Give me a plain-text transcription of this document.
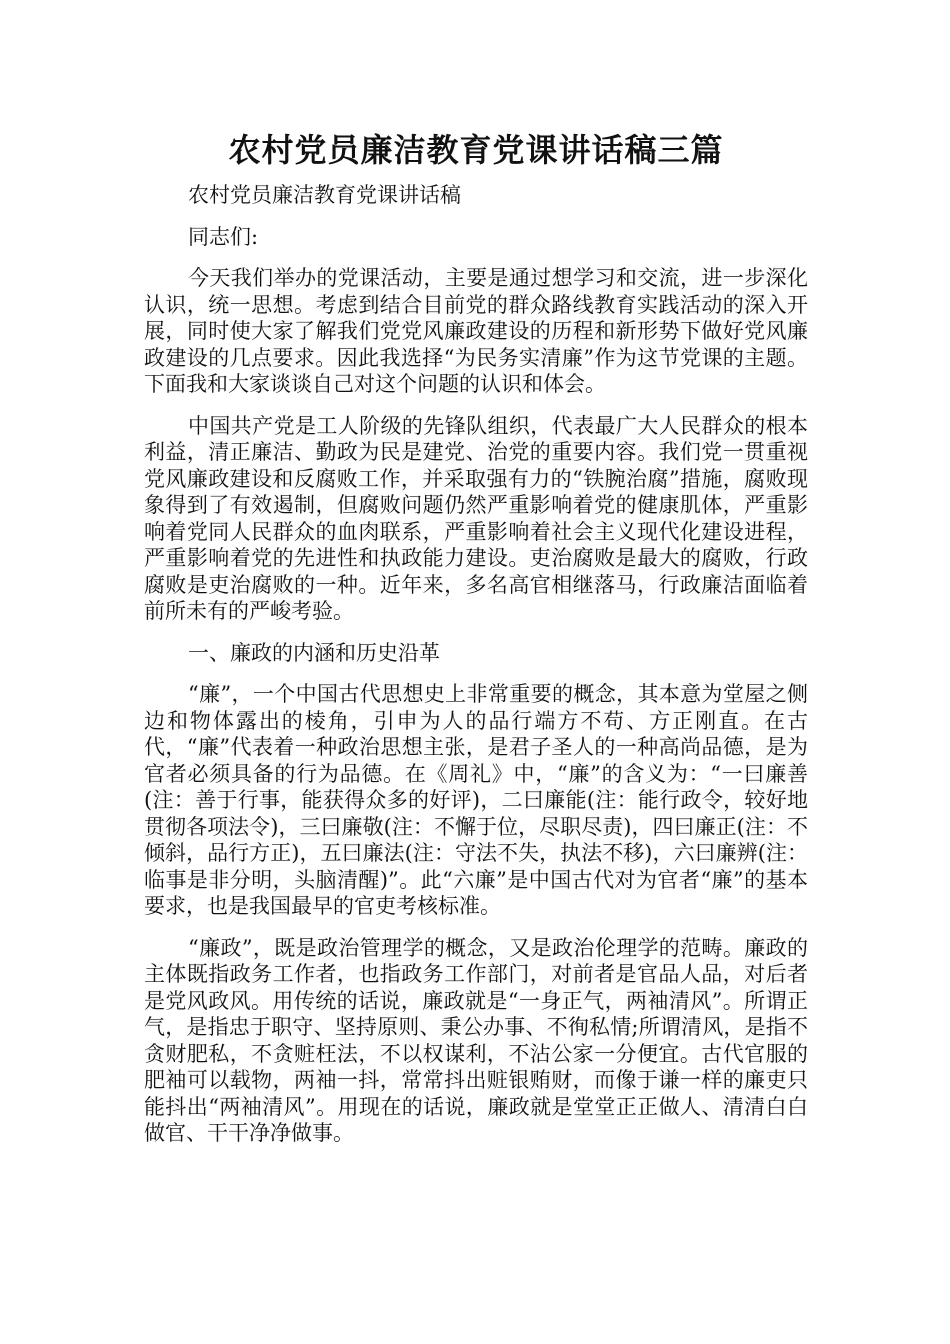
农村党员廉洁教育党课讲话稿三篇

农村党员廉洁教育党课讲话稿

同志们:

今天我们举办的党课活动，主要是通过想学习和交流，进一步深化认识，统一思想。考虑到结合目前党的群众路线教育实践活动的深入开展，同时使大家了解我们党党风廉政建设的历程和新形势下做好党风廉政建设的几点要求。因此我选择“为民务实清廉”作为这节党课的主题。下面我和大家谈谈自己对这个问题的认识和体会。

中国共产党是工人阶级的先锋队组织，代表最广大人民群众的根本利益，清正廉洁、勤政为民是建党、治党的重要内容。我们党一贯重视党风廉政建设和反腐败工作，并采取强有力的“铁腕治腐”措施，腐败现象得到了有效遏制，但腐败问题仍然严重影响着党的健康肌体，严重影响着党同人民群众的血肉联系，严重影响着社会主义现代化建设进程，严重影响着党的先进性和执政能力建设。吏治腐败是最大的腐败，行政腐败是吏治腐败的一种。近年来，多名高官相继落马，行政廉洁面临着前所未有的严峻考验。

一、廉政的内涵和历史沿革

“廉”，一个中国古代思想史上非常重要的概念，其本意为堂屋之侧边和物体露出的棱角，引申为人的品行端方不苟、方正刚直。在古代，“廉”代表着一种政治思想主张，是君子圣人的一种高尚品德，是为官者必须具备的行为品德。在《周礼》中，“廉”的含义为：“一曰廉善(注：善于行事，能获得众多的好评)，二曰廉能(注：能行政令，较好地贯彻各项法令)，三曰廉敬(注：不懈于位，尽职尽责)，四曰廉正(注：不倾斜，品行方正)，五曰廉法(注：守法不失，执法不移)，六曰廉辨(注：临事是非分明，头脑清醒)”。此“六廉”是中国古代对为官者“廉”的基本要求，也是我国最早的官吏考核标准。

“廉政”，既是政治管理学的概念，又是政治伦理学的范畴。廉政的主体既指政务工作者，也指政务工作部门，对前者是官品人品，对后者是党风政风。用传统的话说，廉政就是“一身正气，两袖清风”。所谓正气，是指忠于职守、坚持原则、秉公办事、不徇私情;所谓清风，是指不贪财肥私，不贪赃枉法，不以权谋利，不沾公家一分便宜。古代官服的肥袖可以载物，两袖一抖，常常抖出赃银贿财，而像于谦一样的廉吏只能抖出“两袖清风”。用现在的话说，廉政就是堂堂正正做人、清清白白做官、干干净净做事。
